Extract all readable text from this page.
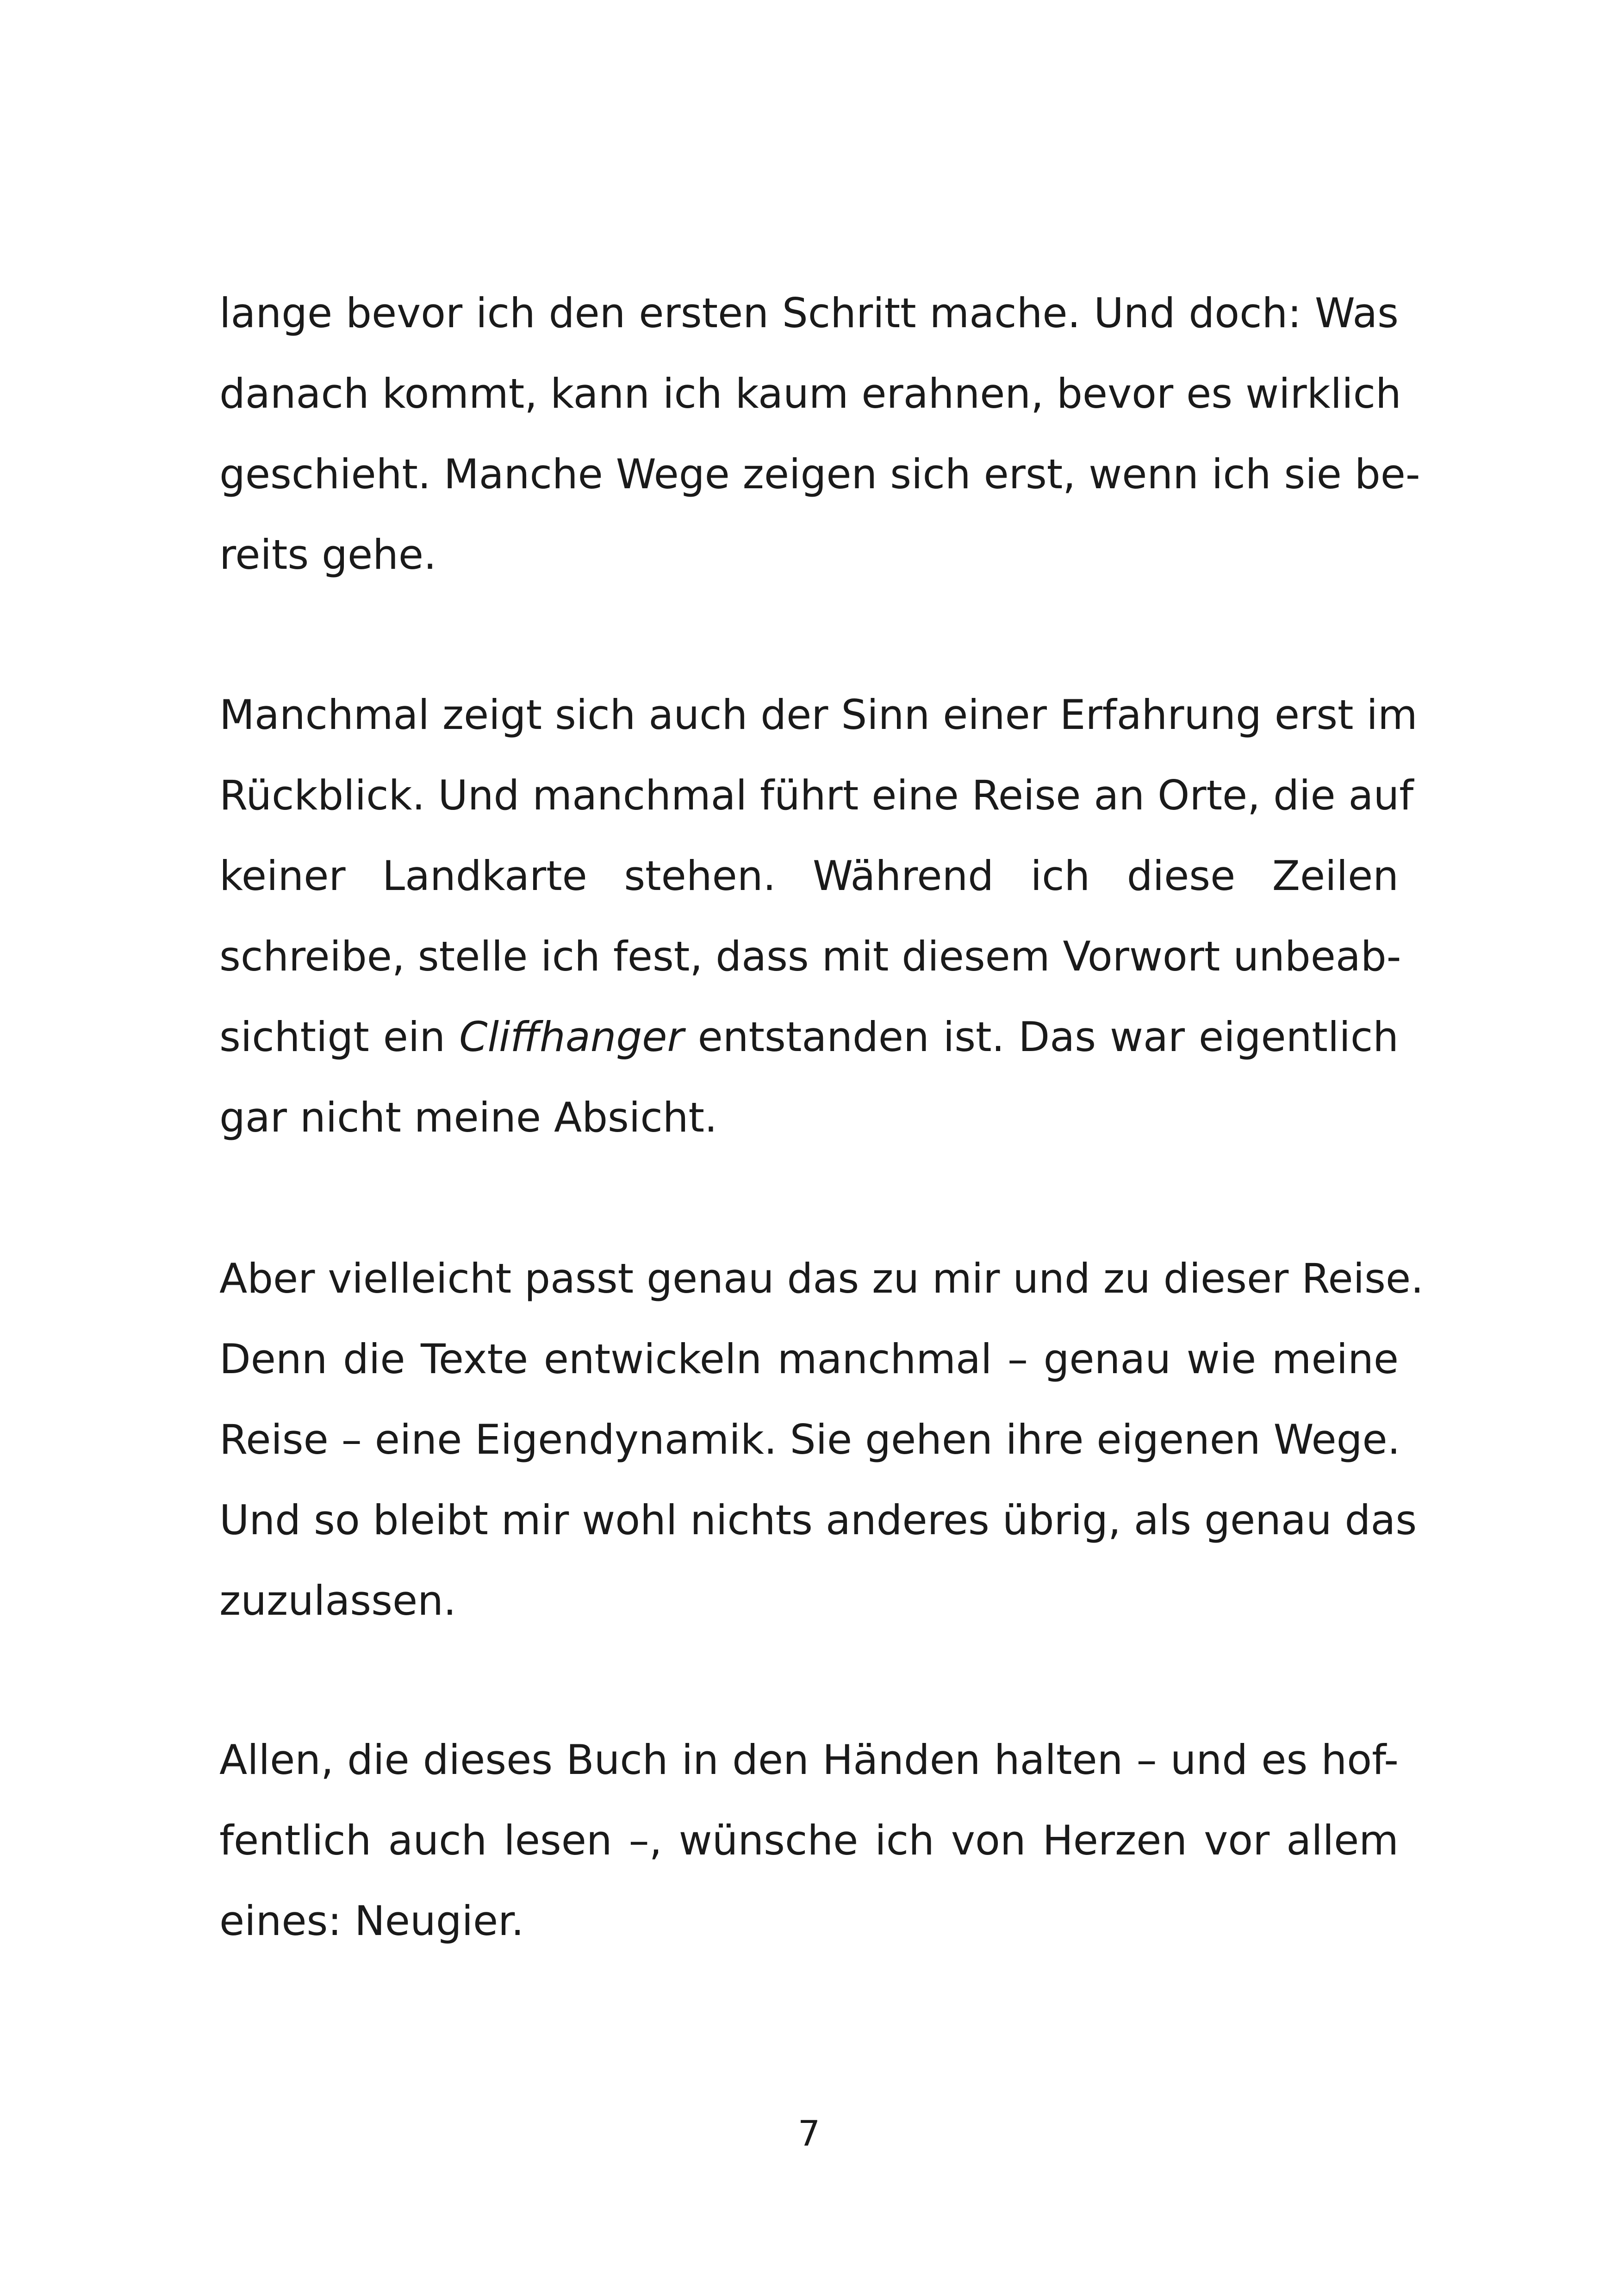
lange bevor ich den ersten Schritt mache. Und doch: Was
danach kommt, kann ich kaum erahnen, bevor es wirklich
geschieht. Manche Wege zeigen sich erst, wenn ich sie be-
reits gehe.
Manchmal zeigt sich auch der Sinn einer Erfahrung erst im
Rückblick. Und manchmal führt eine Reise an Orte, die auf
keiner Landkarte stehen. Während ich diese Zeilen
schreibe, stelle ich fest, dass mit diesem Vorwort unbeab-
sichtigt ein Cliffhanger entstanden ist. Das war eigentlich
gar nicht meine Absicht.
Aber vielleicht passt genau das zu mir und zu dieser Reise.
Denn die Texte entwickeln manchmal – genau wie meine
Reise – eine Eigendynamik. Sie gehen ihre eigenen Wege.
Und so bleibt mir wohl nichts anderes übrig, als genau das
zuzulassen.
Allen, die dieses Buch in den Händen halten – und es hof-
fentlich auch lesen –, wünsche ich von Herzen vor allem
eines: Neugier.
7
